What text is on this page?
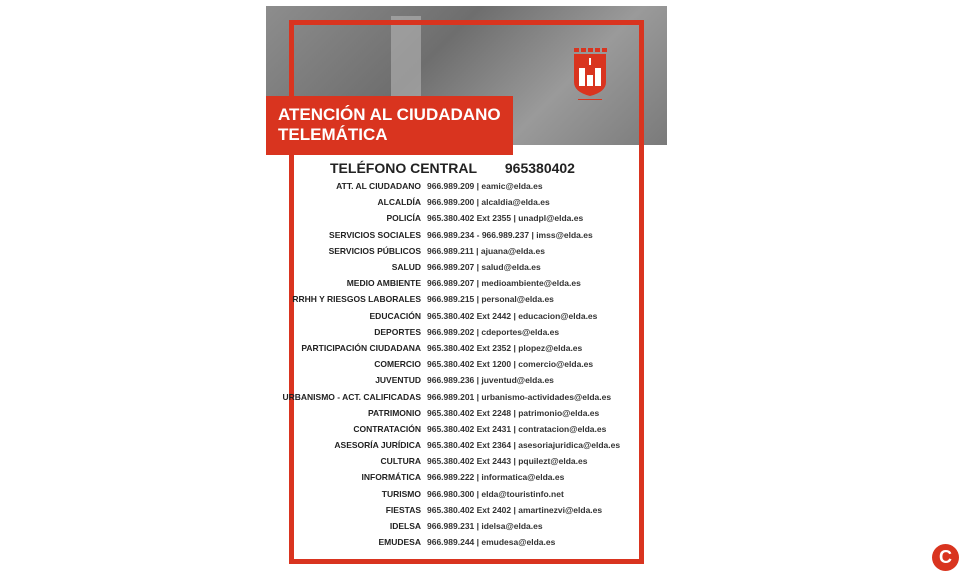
ATENCIÓN AL CIUDADANO TELEMÁTICA
TELÉFONO CENTRAL 965380402
ATT. AL CIUDADANO 966.989.209 | eamic@elda.es
ALCALDÍA 966.989.200 | alcaldia@elda.es
POLICÍA 965.380.402 Ext 2355 | unadpl@elda.es
SERVICIOS SOCIALES 966.989.234 - 966.989.237 | imss@elda.es
SERVICIOS PÚBLICOS 966.989.211 | ajuana@elda.es
SALUD 966.989.207 | salud@elda.es
MEDIO AMBIENTE 966.989.207 | medioambiente@elda.es
RRHH Y RIESGOS LABORALES 966.989.215 | personal@elda.es
EDUCACIÓN 965.380.402 Ext 2442 | educacion@elda.es
DEPORTES 966.989.202 | cdeportes@elda.es
PARTICIPACIÓN CIUDADANA 965.380.402 Ext 2352 | plopez@elda.es
COMERCIO 965.380.402 Ext 1200 | comercio@elda.es
JUVENTUD 966.989.236 | juventud@elda.es
URBANISMO - ACT. CALIFICADAS 966.989.201 | urbanismo-actividades@elda.es
PATRIMONIO 965.380.402 Ext 2248 | patrimonio@elda.es
CONTRATACIÓN 965.380.402 Ext 2431 | contratacion@elda.es
ASESORÍA JURÍDICA 965.380.402 Ext 2364 | asesoriajuridica@elda.es
CULTURA 965.380.402 Ext 2443 | pquilezt@elda.es
INFORMÁTICA 966.989.222 | informatica@elda.es
TURISMO 966.980.300 | elda@touristinfo.net
FIESTAS 965.380.402 Ext 2402 | amartinezvi@elda.es
IDELSA 966.989.231 | idelsa@elda.es
EMUDESA 966.989.244 | emudesa@elda.es
C
